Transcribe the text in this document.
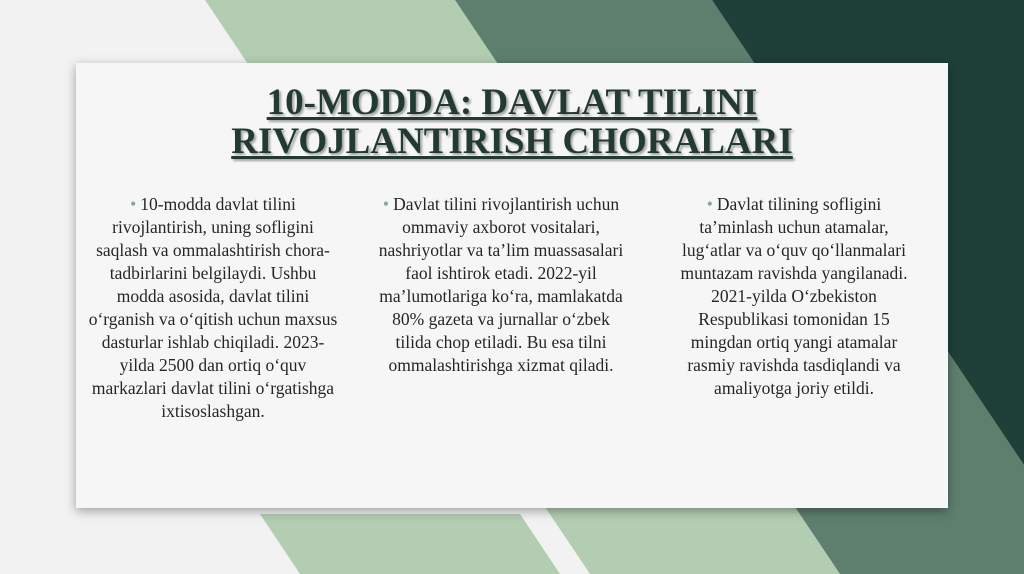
10-MODDA: DAVLAT TILINI
RIVOJLANTIRISH CHORALARI
• 10-modda davlat tilini rivojlantirish, uning sofligini saqlash va ommalashtirish chora-tadbirlarini belgilaydi. Ushbu modda asosida, davlat tilini oʻrganish va oʻqitish uchun maxsus dasturlar ishlab chiqiladi. 2023-yilda 2500 dan ortiq oʻquv markazlari davlat tilini oʻrgatishga ixtisoslashgan.
• Davlat tilini rivojlantirish uchun ommaviy axborot vositalari, nashriyotlar va taʼlim muassasalari faol ishtirok etadi. 2022-yil maʼlumotlariga koʻra, mamlakatda 80% gazeta va jurnallar oʻzbek tilida chop etiladi. Bu esa tilni ommalashtirishga xizmat qiladi.
• Davlat tilining sofligini taʼminlash uchun atamalar, lugʻatlar va oʻquv qoʻllanmalari muntazam ravishda yangilanadi. 2021-yilda Oʻzbekiston Respublikasi tomonidan 15 mingdan ortiq yangi atamalar rasmiy ravishda tasdiqlandi va amaliyotga joriy etildi.
